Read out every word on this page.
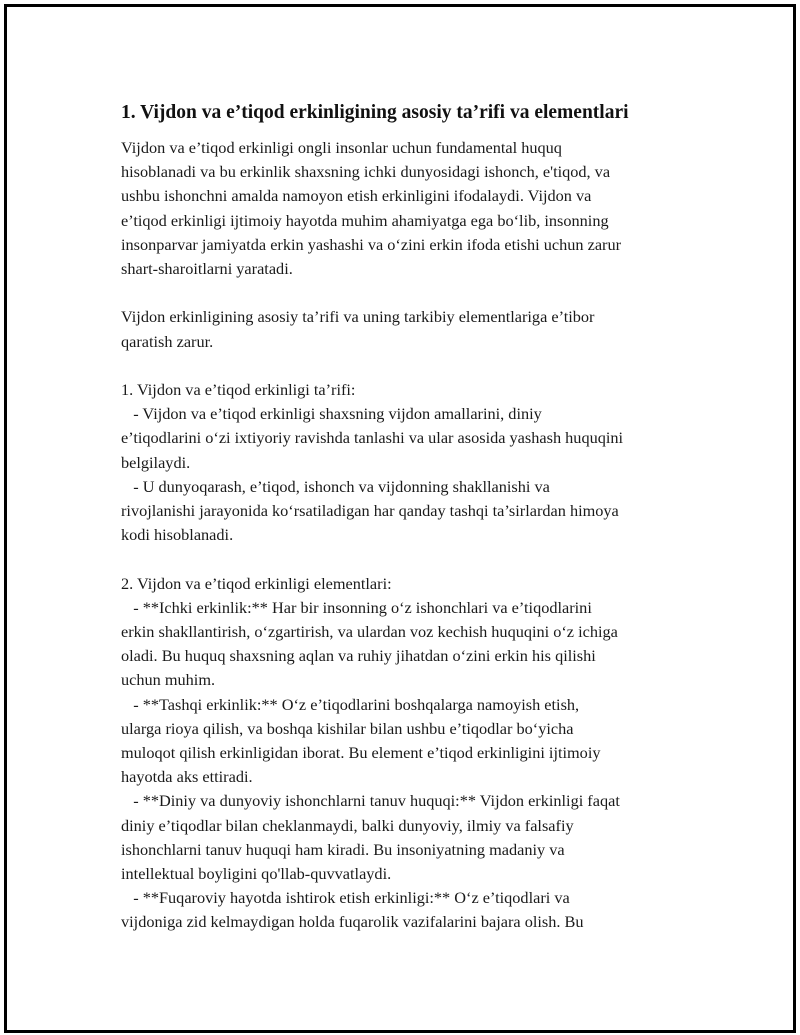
1. Vijdon va e’tiqod erkinligining asosiy ta’rifi va elementlari

Vijdon va e’tiqod erkinligi ongli insonlar uchun fundamental huquq
hisoblanadi va bu erkinlik shaxsning ichki dunyosidagi ishonch, e'tiqod, va
ushbu ishonchni amalda namoyon etish erkinligini ifodalaydi. Vijdon va
e’tiqod erkinligi ijtimoiy hayotda muhim ahamiyatga ega bo‘lib, insonning
insonparvar jamiyatda erkin yashashi va o‘zini erkin ifoda etishi uchun zarur
shart-sharoitlarni yaratadi.

Vijdon erkinligining asosiy ta’rifi va uning tarkibiy elementlariga e’tibor
qaratish zarur.

1. Vijdon va e’tiqod erkinligi ta’rifi:
- Vijdon va e’tiqod erkinligi shaxsning vijdon amallarini, diniy
e’tiqodlarini o‘zi ixtiyoriy ravishda tanlashi va ular asosida yashash huquqini
belgilaydi.
- U dunyoqarash, e’tiqod, ishonch va vijdonning shakllanishi va
rivojlanishi jarayonida ko‘rsatiladigan har qanday tashqi ta’sirlardan himoya
kodi hisoblanadi.

2. Vijdon va e’tiqod erkinligi elementlari:
- **Ichki erkinlik:** Har bir insonning o‘z ishonchlari va e’tiqodlarini
erkin shakllantirish, o‘zgartirish, va ulardan voz kechish huquqini o‘z ichiga
oladi. Bu huquq shaxsning aqlan va ruhiy jihatdan o‘zini erkin his qilishi
uchun muhim.
- **Tashqi erkinlik:** O‘z e’tiqodlarini boshqalarga namoyish etish,
ularga rioya qilish, va boshqa kishilar bilan ushbu e’tiqodlar bo‘yicha
muloqot qilish erkinligidan iborat. Bu element e’tiqod erkinligini ijtimoiy
hayotda aks ettiradi.
- **Diniy va dunyoviy ishonchlarni tanuv huquqi:** Vijdon erkinligi faqat
diniy e’tiqodlar bilan cheklanmaydi, balki dunyoviy, ilmiy va falsafiy
ishonchlarni tanuv huquqi ham kiradi. Bu insoniyatning madaniy va
intellektual boyligini qo'llab-quvvatlaydi.
- **Fuqaroviy hayotda ishtirok etish erkinligi:** O‘z e’tiqodlari va
vijdoniga zid kelmaydigan holda fuqarolik vazifalarini bajara olish. Bu
